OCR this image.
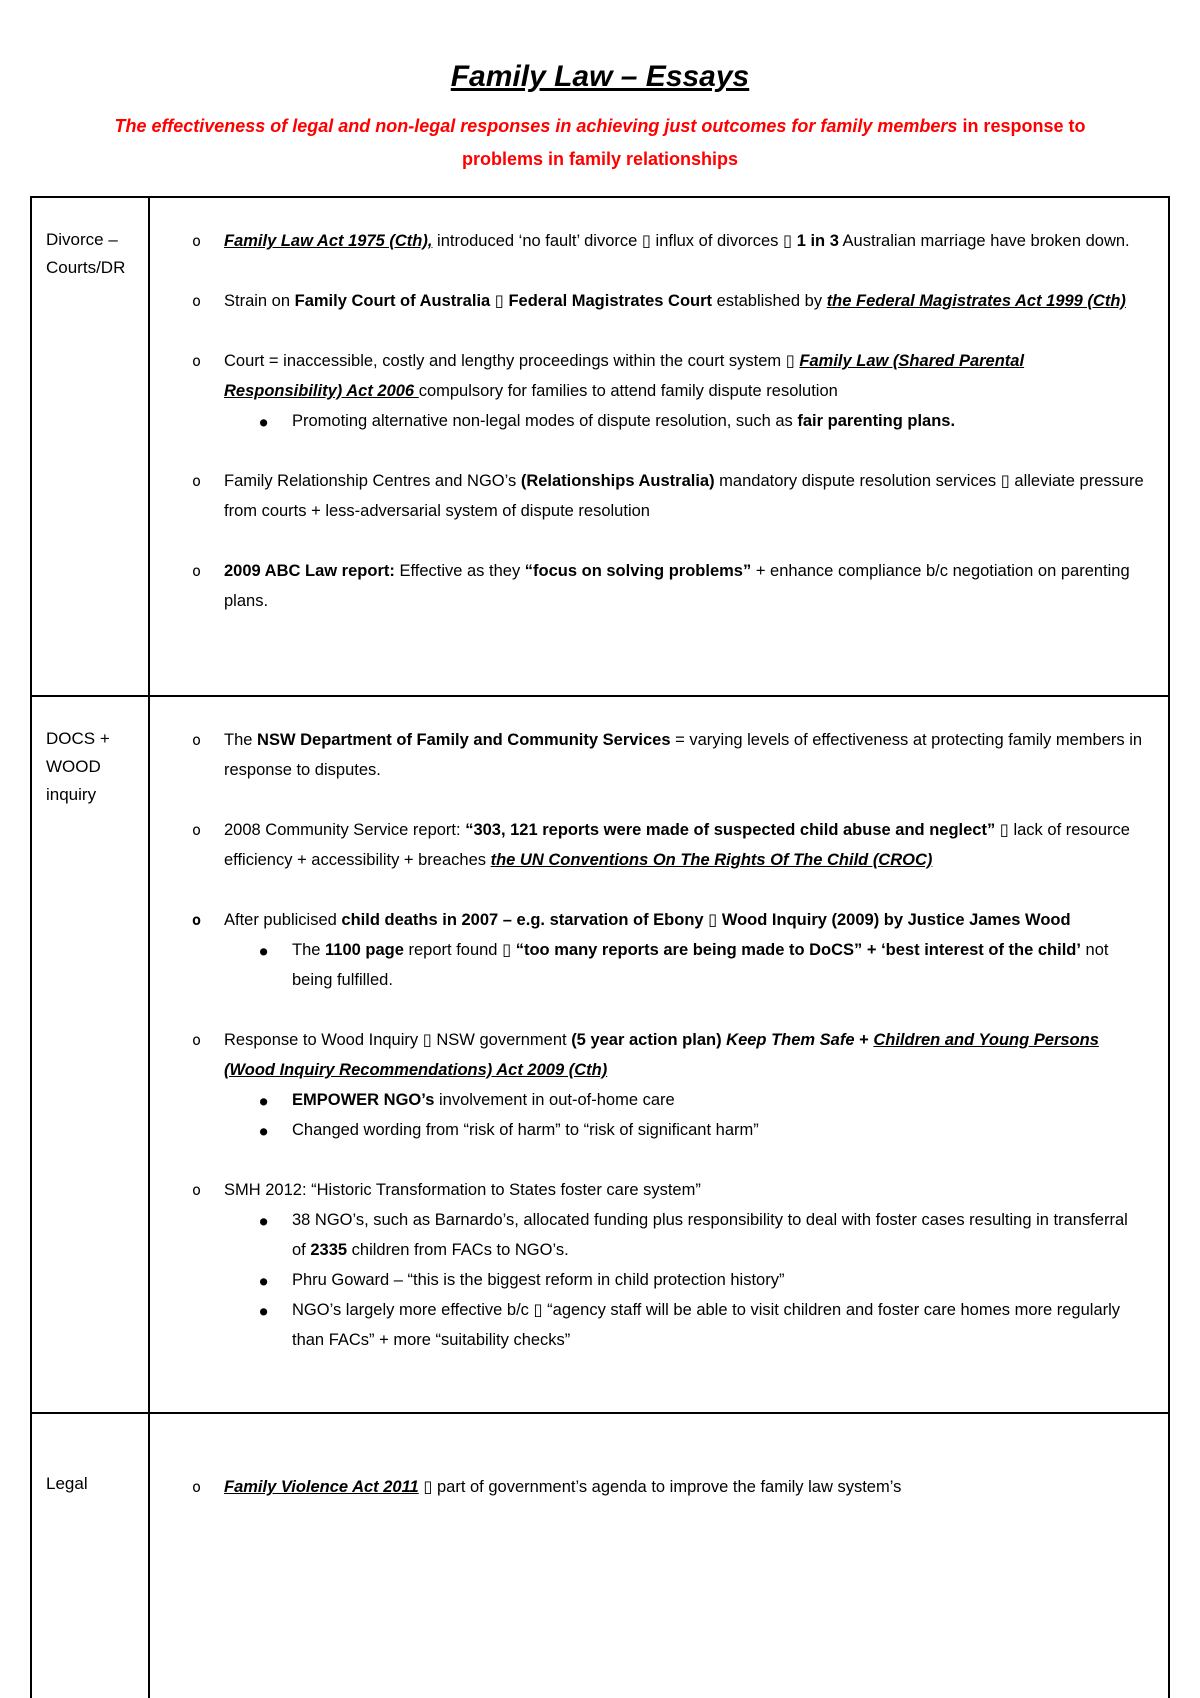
Family Law – Essays
The effectiveness of legal and non-legal responses in achieving just outcomes for family members in response to problems in family relationships
Divorce –
Courts/DR
o Family Law Act 1975 (Cth), introduced ‘no fault’ divorce ▯ influx of divorces ▯ 1 in 3 Australian marriage have broken down.
o Strain on Family Court of Australia ▯ Federal Magistrates Court established by the Federal Magistrates Act 1999 (Cth)
o Court = inaccessible, costly and lengthy proceedings within the court system ▯ Family Law (Shared Parental Responsibility) Act 2006 compulsory for families to attend family dispute resolution
● Promoting alternative non-legal modes of dispute resolution, such as fair parenting plans.
o Family Relationship Centres and NGO’s (Relationships Australia) mandatory dispute resolution services ▯ alleviate pressure from courts + less-adversarial system of dispute resolution
o 2009 ABC Law report: Effective as they “focus on solving problems” + enhance compliance b/c negotiation on parenting plans.
DOCS +
WOOD
inquiry
o The NSW Department of Family and Community Services = varying levels of effectiveness at protecting family members in response to disputes.
o 2008 Community Service report: “303, 121 reports were made of suspected child abuse and neglect” ▯ lack of resource efficiency + accessibility + breaches the UN Conventions On The Rights Of The Child (CROC)
o After publicised child deaths in 2007 – e.g. starvation of Ebony ▯ Wood Inquiry (2009) by Justice James Wood
● The 1100 page report found ▯ “too many reports are being made to DoCS” + ‘best interest of the child’ not being fulfilled.
o Response to Wood Inquiry ▯ NSW government (5 year action plan) Keep Them Safe + Children and Young Persons (Wood Inquiry Recommendations) Act 2009 (Cth)
● EMPOWER NGO’s involvement in out-of-home care
● Changed wording from “risk of harm” to “risk of significant harm”
o SMH 2012: “Historic Transformation to States foster care system”
● 38 NGO’s, such as Barnardo’s, allocated funding plus responsibility to deal with foster cases resulting in transferral of 2335 children from FACs to NGO’s.
● Phru Goward – “this is the biggest reform in child protection history”
● NGO’s largely more effective b/c ▯ “agency staff will be able to visit children and foster care homes more regularly than FACs” + more “suitability checks”
Legal	o Family Violence Act 2011 ▯ part of government’s agenda to improve the family law system’s
